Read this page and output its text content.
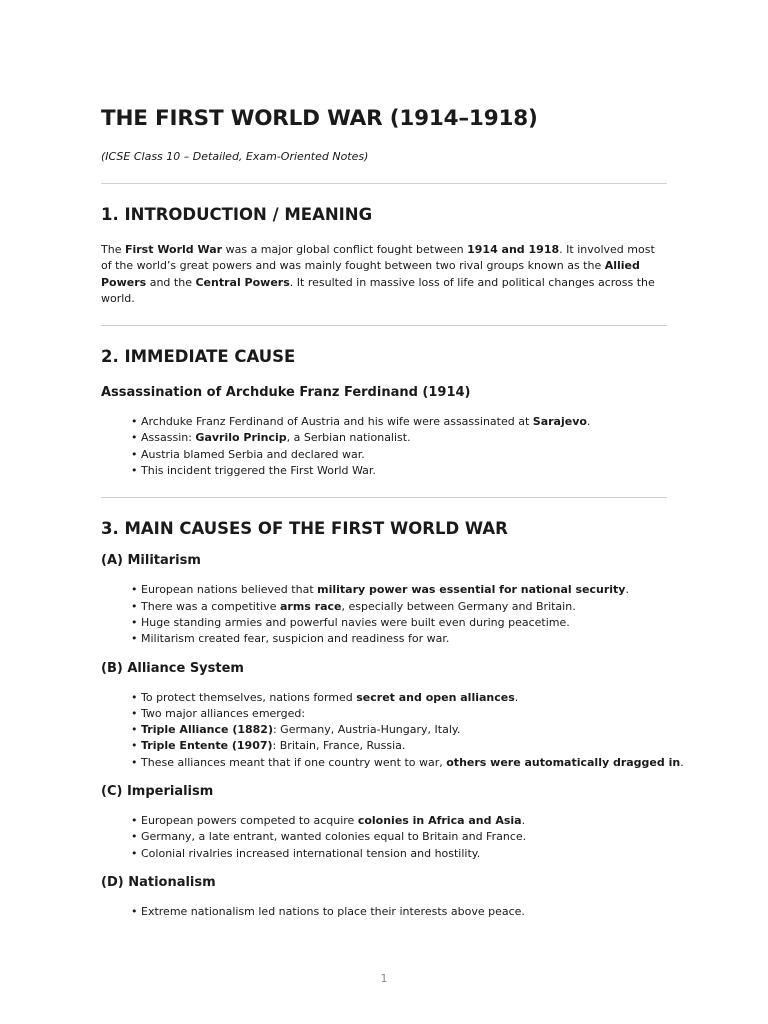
THE FIRST WORLD WAR (1914–1918)

(ICSE Class 10 – Detailed, Exam-Oriented Notes)

1. INTRODUCTION / MEANING

The First World War was a major global conflict fought between 1914 and 1918. It involved most of the world’s great powers and was mainly fought between two rival groups known as the Allied Powers and the Central Powers. It resulted in massive loss of life and political changes across the world.

2. IMMEDIATE CAUSE
Assassination of Archduke Franz Ferdinand (1914)
• Archduke Franz Ferdinand of Austria and his wife were assassinated at Sarajevo.
• Assassin: Gavrilo Princip, a Serbian nationalist.
• Austria blamed Serbia and declared war.
• This incident triggered the First World War.
3. MAIN CAUSES OF THE FIRST WORLD WAR
(A) Militarism
• European nations believed that military power was essential for national security.
• There was a competitive arms race, especially between Germany and Britain.
• Huge standing armies and powerful navies were built even during peacetime.
• Militarism created fear, suspicion and readiness for war.
(B) Alliance System
• To protect themselves, nations formed secret and open alliances.
• Two major alliances emerged:
• Triple Alliance (1882): Germany, Austria-Hungary, Italy.
• Triple Entente (1907): Britain, France, Russia.
• These alliances meant that if one country went to war, others were automatically dragged in.
(C) Imperialism
• European powers competed to acquire colonies in Africa and Asia.
• Germany, a late entrant, wanted colonies equal to Britain and France.
• Colonial rivalries increased international tension and hostility.
(D) Nationalism
• Extreme nationalism led nations to place their interests above peace.
1
